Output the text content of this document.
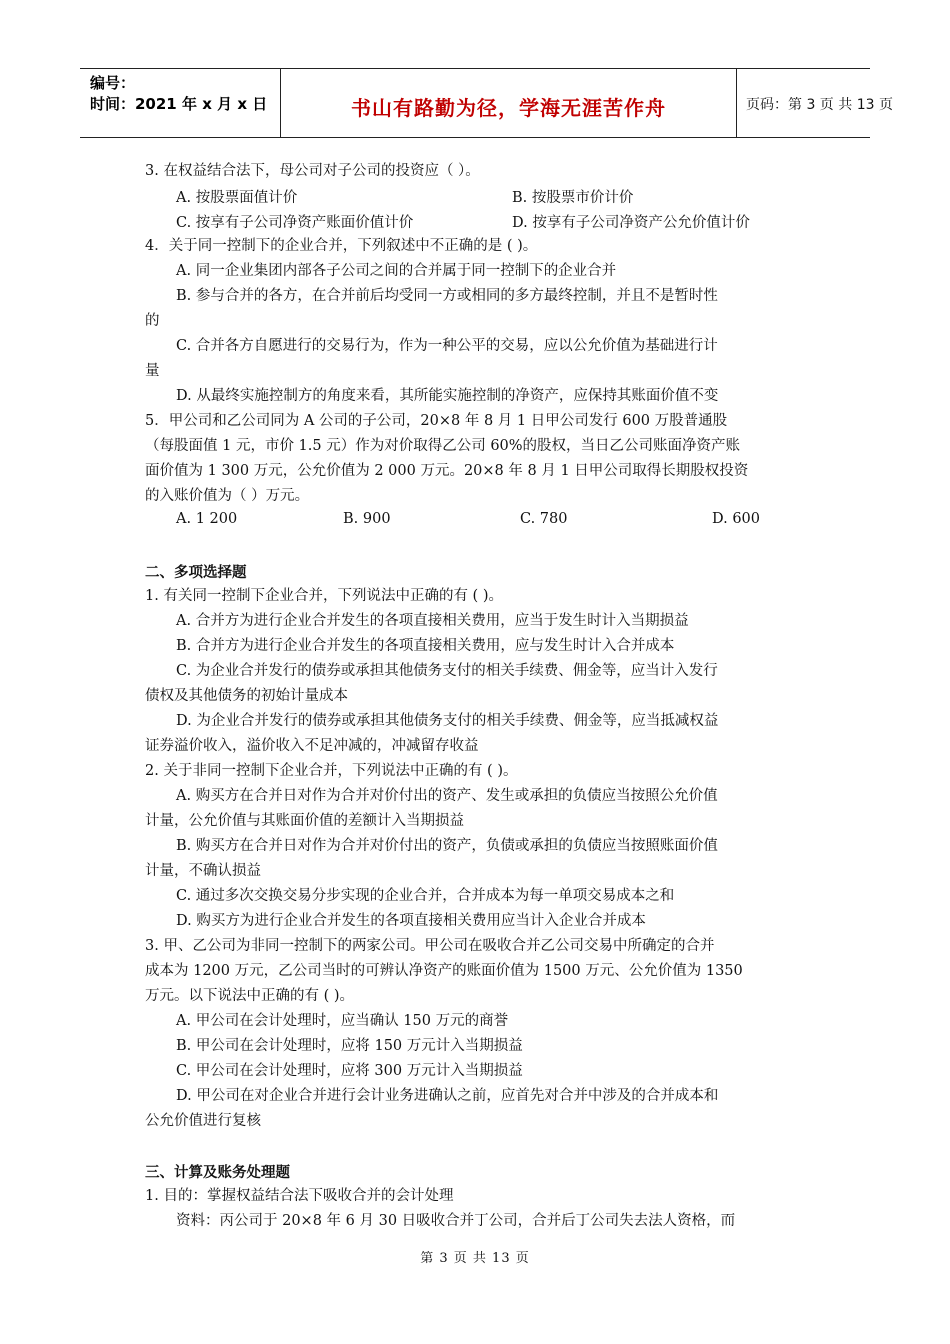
编号：
时间：2021 年 x 月 x 日	书山有路勤为径，学海无涯苦作舟	页码：第 3 页 共 13 页
3. 在权益结合法下，母公司对子公司的投资应（ ）。
A. 按股票面值计价	B. 按股票市价计价
C. 按享有子公司净资产账面价值计价	D. 按享有子公司净资产公允价值计价
4．关于同一控制下的企业合并，下列叙述中不正确的是 ( )。
A. 同一企业集团内部各子公司之间的合并属于同一控制下的企业合并
B. 参与合并的各方，在合并前后均受同一方或相同的多方最终控制，并且不是暂时性
的
C. 合并各方自愿进行的交易行为，作为一种公平的交易，应以公允价值为基础进行计
量
D. 从最终实施控制方的角度来看，其所能实施控制的净资产，应保持其账面价值不变
5．甲公司和乙公司同为 A 公司的子公司，20×8 年 8 月 1 日甲公司发行 600 万股普通股
（每股面值 1 元，市价 1.5 元）作为对价取得乙公司 60%的股权，当日乙公司账面净资产账
面价值为 1 300 万元，公允价值为 2 000 万元。20×8 年 8 月 1 日甲公司取得长期股权投资
的入账价值为（ ）万元。
A. 1 200	B. 900	C. 780	D. 600
二、多项选择题
1. 有关同一控制下企业合并，下列说法中正确的有 ( )。
A. 合并方为进行企业合并发生的各项直接相关费用，应当于发生时计入当期损益
B. 合并方为进行企业合并发生的各项直接相关费用，应与发生时计入合并成本
C. 为企业合并发行的债券或承担其他债务支付的相关手续费、佣金等，应当计入发行
债权及其他债务的初始计量成本
D. 为企业合并发行的债券或承担其他债务支付的相关手续费、佣金等，应当抵减权益
证券溢价收入，溢价收入不足冲减的，冲减留存收益
2. 关于非同一控制下企业合并，下列说法中正确的有 ( )。
A. 购买方在合并日对作为合并对价付出的资产、发生或承担的负债应当按照公允价值
计量，公允价值与其账面价值的差额计入当期损益
B. 购买方在合并日对作为合并对价付出的资产，负债或承担的负债应当按照账面价值
计量，不确认损益
C. 通过多次交换交易分步实现的企业合并，合并成本为每一单项交易成本之和
D. 购买方为进行企业合并发生的各项直接相关费用应当计入企业合并成本
3. 甲、乙公司为非同一控制下的两家公司。甲公司在吸收合并乙公司交易中所确定的合并
成本为 1200 万元，乙公司当时的可辨认净资产的账面价值为 1500 万元、公允价值为 1350
万元。以下说法中正确的有 ( )。
A. 甲公司在会计处理时，应当确认 150 万元的商誉
B. 甲公司在会计处理时，应将 150 万元计入当期损益
C. 甲公司在会计处理时，应将 300 万元计入当期损益
D. 甲公司在对企业合并进行会计业务进确认之前，应首先对合并中涉及的合并成本和
公允价值进行复核
三、计算及账务处理题
1. 目的：掌握权益结合法下吸收合并的会计处理
资料：丙公司于 20×8 年 6 月 30 日吸收合并丁公司，合并后丁公司失去法人资格，而
第 3 页 共 13 页
